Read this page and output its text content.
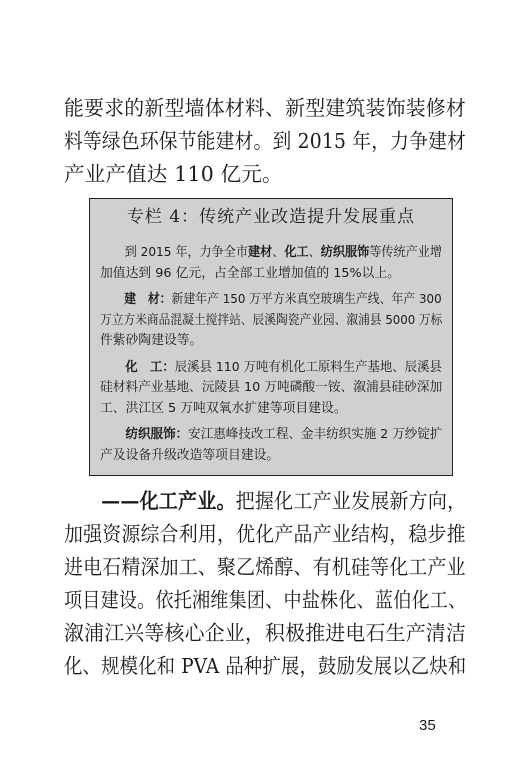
能要求的新型墙体材料、新型建筑装饰装修材
料等绿色环保节能建材。到 2015 年，力争建材
产业产值达 110 亿元。
专栏 4：传统产业改造提升发展重点
到 2015 年，力争全市建材、化工、纺织服饰等传统产业增
加值达到 96 亿元，占全部工业增加值的 15%以上。
建　材：新建年产 150 万平方米真空玻璃生产线、年产 300
万立方米商品混凝土搅拌站、辰溪陶瓷产业园、溆浦县 5000 万标
件紫砂陶建设等。
化　工：辰溪县 110 万吨有机化工原料生产基地、辰溪县
硅材料产业基地、沅陵县 10 万吨磷酸一铵、溆浦县硅砂深加
工、洪江区 5 万吨双氧水扩建等项目建设。
纺织服饰：安江惠峰技改工程、金丰纺织实施 2 万纱锭扩
产及设备升级改造等项目建设。
——化工产业。把握化工产业发展新方向，
加强资源综合利用，优化产品产业结构，稳步推
进电石精深加工、聚乙烯醇、有机硅等化工产业
项目建设。依托湘维集团、中盐株化、蓝伯化工、
溆浦江兴等核心企业，积极推进电石生产清洁
化、规模化和 PVA 品种扩展，鼓励发展以乙炔和
35
